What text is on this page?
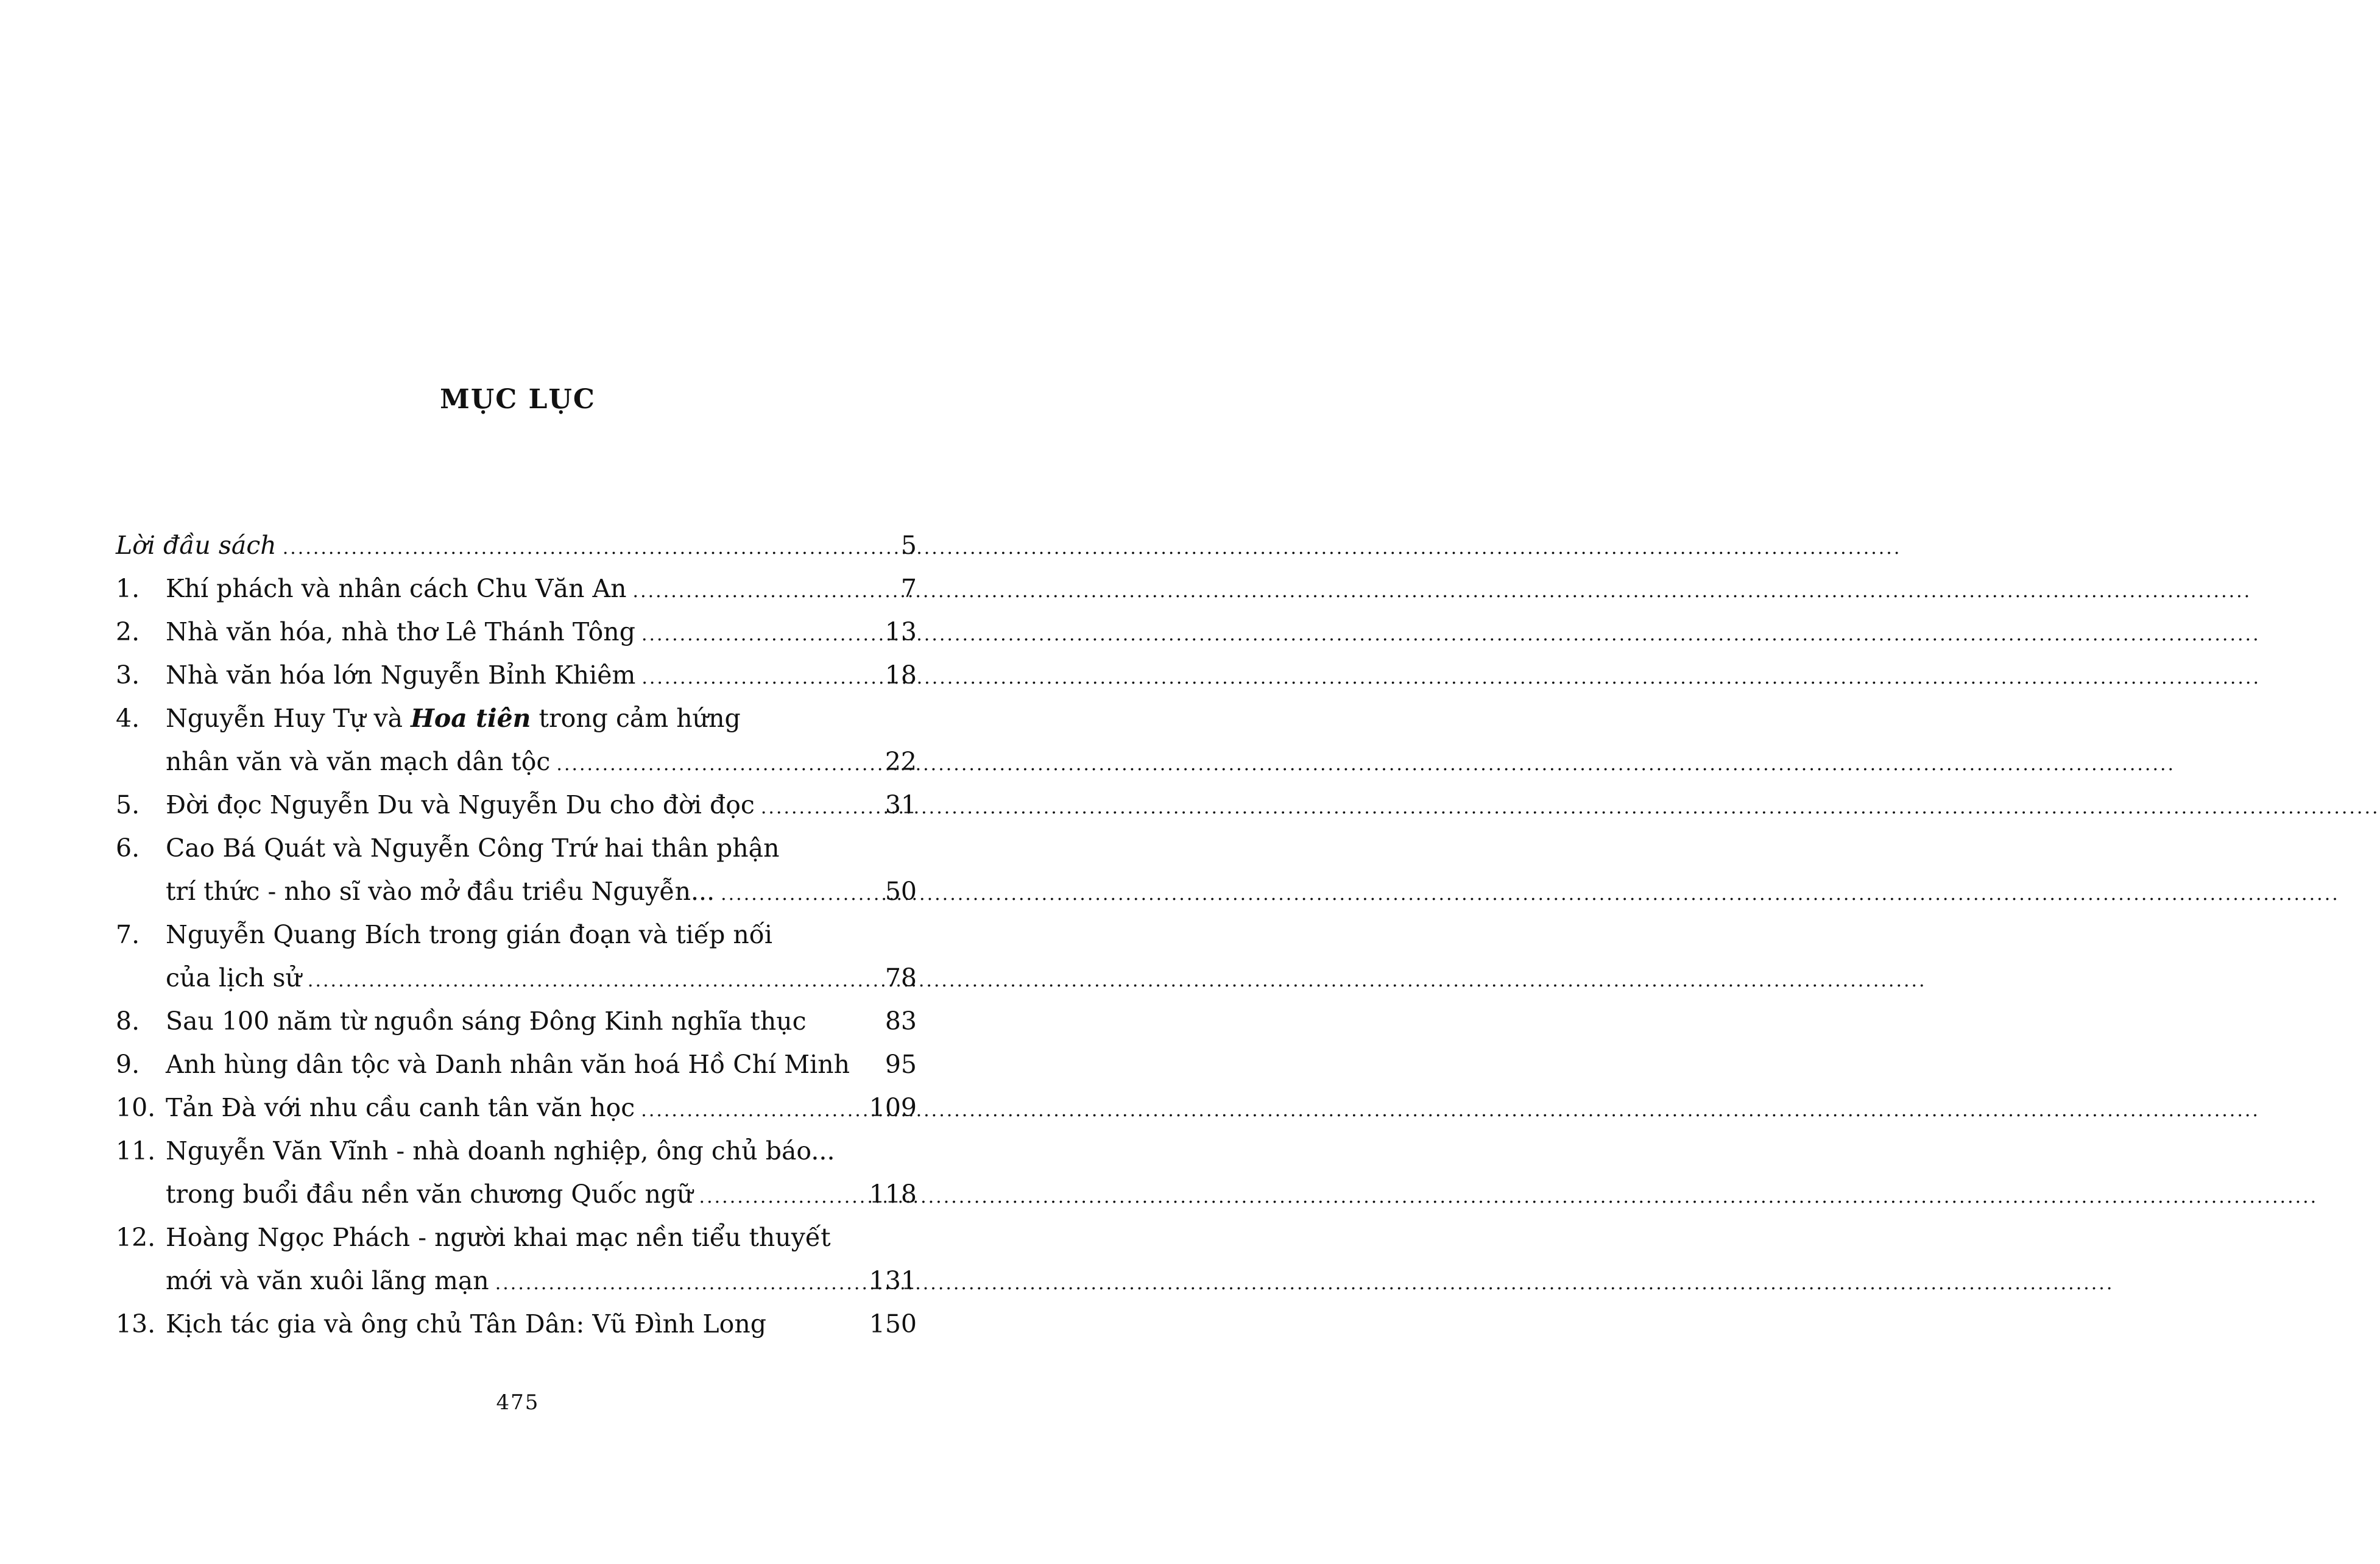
MỤC LỤC
Lời đầu sách .....	5
1.	Khí phách và nhân cách Chu Văn An .....	7
2.	Nhà văn hóa, nhà thơ Lê Thánh Tông .....	13
3.	Nhà văn hóa lớn Nguyễn Bỉnh Khiêm .....	18
4.	Nguyễn Huy Tự và Hoa tiên trong cảm hứng
nhân văn và văn mạch dân tộc .....	22
5.	Đời đọc Nguyễn Du và Nguyễn Du cho đời đọc .....	31
6.	Cao Bá Quát và Nguyễn Công Trứ hai thân phận
trí thức - nho sĩ vào mở đầu triều Nguyễn... .....	50
7.	Nguyễn Quang Bích trong gián đoạn và tiếp nối
của lịch sử .....	78
8.	Sau 100 năm từ nguồn sáng Đông Kinh nghĩa thục	83
9.	Anh hùng dân tộc và Danh nhân văn hoá Hồ Chí Minh	95
10. Tản Đà với nhu cầu canh tân văn học .....	109
11. Nguyễn Văn Vĩnh - nhà doanh nghiệp, ông chủ báo...
trong buổi đầu nền văn chương Quốc ngữ .....	118
12. Hoàng Ngọc Phách - người khai mạc nền tiểu thuyết
mới và văn xuôi lãng mạn .....	131
13. Kịch tác gia và ông chủ Tân Dân: Vũ Đình Long	150
475
